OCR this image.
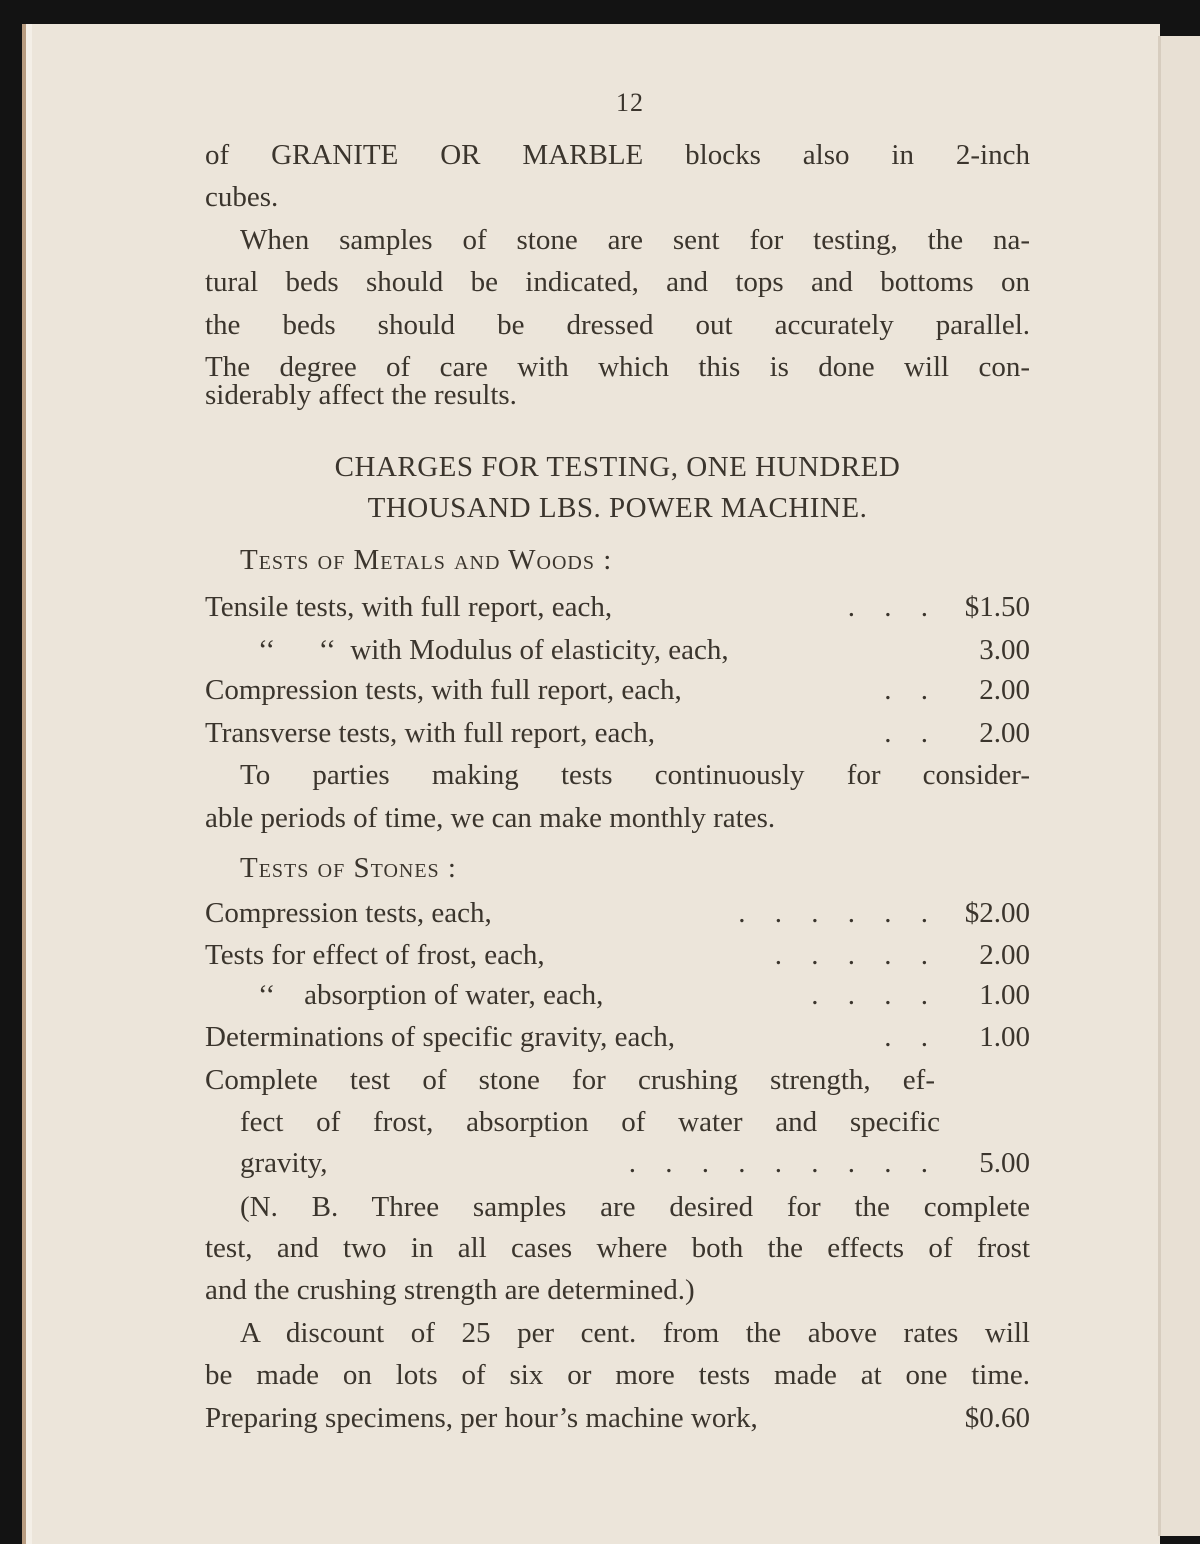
12
of GRANITE OR MARBLE blocks also in 2-inch
cubes.
When samples of stone are sent for testing, the na-
tural beds should be indicated, and tops and bottoms on
the beds should be dressed out accurately parallel.
The degree of care with which this is done will con-
siderably affect the results.
CHARGES FOR TESTING, ONE HUNDRED
THOUSAND LBS. POWER MACHINE.
Tests of Metals and Woods :
Tensile tests, with full report, each,	. . .	$1.50
‘‘      ‘‘  with Modulus of elasticity, each,	3.00
Compression tests, with full report, each,	. .	2.00
Transverse tests, with full report, each,	. .	2.00
To parties making tests continuously for consider-
able periods of time, we can make monthly rates.
Tests of Stones :
Compression tests, each,	. . . . . .	$2.00
Tests for effect of frost, each,	. . . . .	2.00
‘‘    absorption of water, each,	. . . .	1.00
Determinations of specific gravity, each,	. .	1.00
Complete test of stone for crushing strength, ef-
fect of frost, absorption of water and specific
gravity,	. . . . . . . . .	5.00
(N. B. Three samples are desired for the complete
test, and two in all cases where both the effects of frost
and the crushing strength are determined.)
A discount of 25 per cent. from the above rates will
be made on lots of six or more tests made at one time.
Preparing specimens, per hour’s machine work,	$0.60
